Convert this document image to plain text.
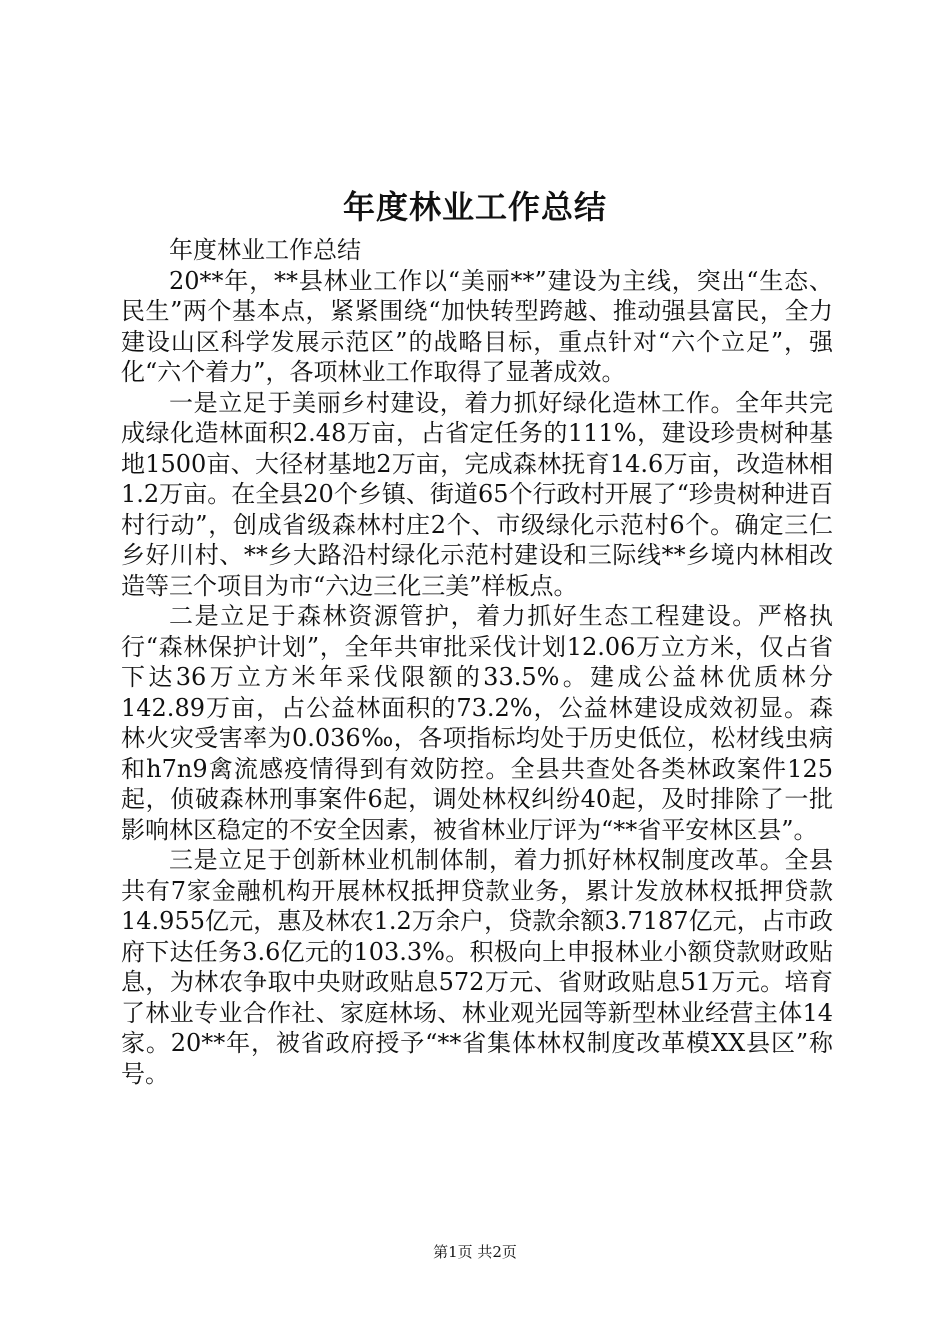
年度林业工作总结

年度林业工作总结

20**年，**县林业工作以“美丽**”建设为主线，突出“生态、民生”两个基本点，紧紧围绕“加快转型跨越、推动强县富民，全力建设山区科学发展示范区”的战略目标，重点针对“六个立足”，强化“六个着力”，各项林业工作取得了显著成效。

一是立足于美丽乡村建设，着力抓好绿化造林工作。全年共完成绿化造林面积2.48万亩，占省定任务的111%，建设珍贵树种基地1500亩、大径材基地2万亩，完成森林抚育14.6万亩，改造林相1.2万亩。在全县20个乡镇、街道65个行政村开展了“珍贵树种进百村行动”，创成省级森林村庄2个、市级绿化示范村6个。确定三仁乡好川村、**乡大路沿村绿化示范村建设和三际线**乡境内林相改造等三个项目为市“六边三化三美”样板点。

二是立足于森林资源管护，着力抓好生态工程建设。严格执行“森林保护计划”，全年共审批采伐计划12.06万立方米，仅占省下达36万立方米年采伐限额的33.5%。建成公益林优质林分142.89万亩，占公益林面积的73.2%，公益林建设成效初显。森林火灾受害率为0.036‰，各项指标均处于历史低位，松材线虫病和h7n9禽流感疫情得到有效防控。全县共查处各类林政案件125起，侦破森林刑事案件6起，调处林权纠纷40起，及时排除了一批影响林区稳定的不安全因素，被省林业厅评为“**省平安林区县”。

三是立足于创新林业机制体制，着力抓好林权制度改革。全县共有7家金融机构开展林权抵押贷款业务，累计发放林权抵押贷款14.955亿元，惠及林农1.2万余户，贷款余额3.7187亿元，占市政府下达任务3.6亿元的103.3%。积极向上申报林业小额贷款财政贴息，为林农争取中央财政贴息572万元、省财政贴息51万元。培育了林业专业合作社、家庭林场、林业观光园等新型林业经营主体14家。20**年，被省政府授予“**省集体林权制度改革模XX县区”称号。

第1页 共2页
